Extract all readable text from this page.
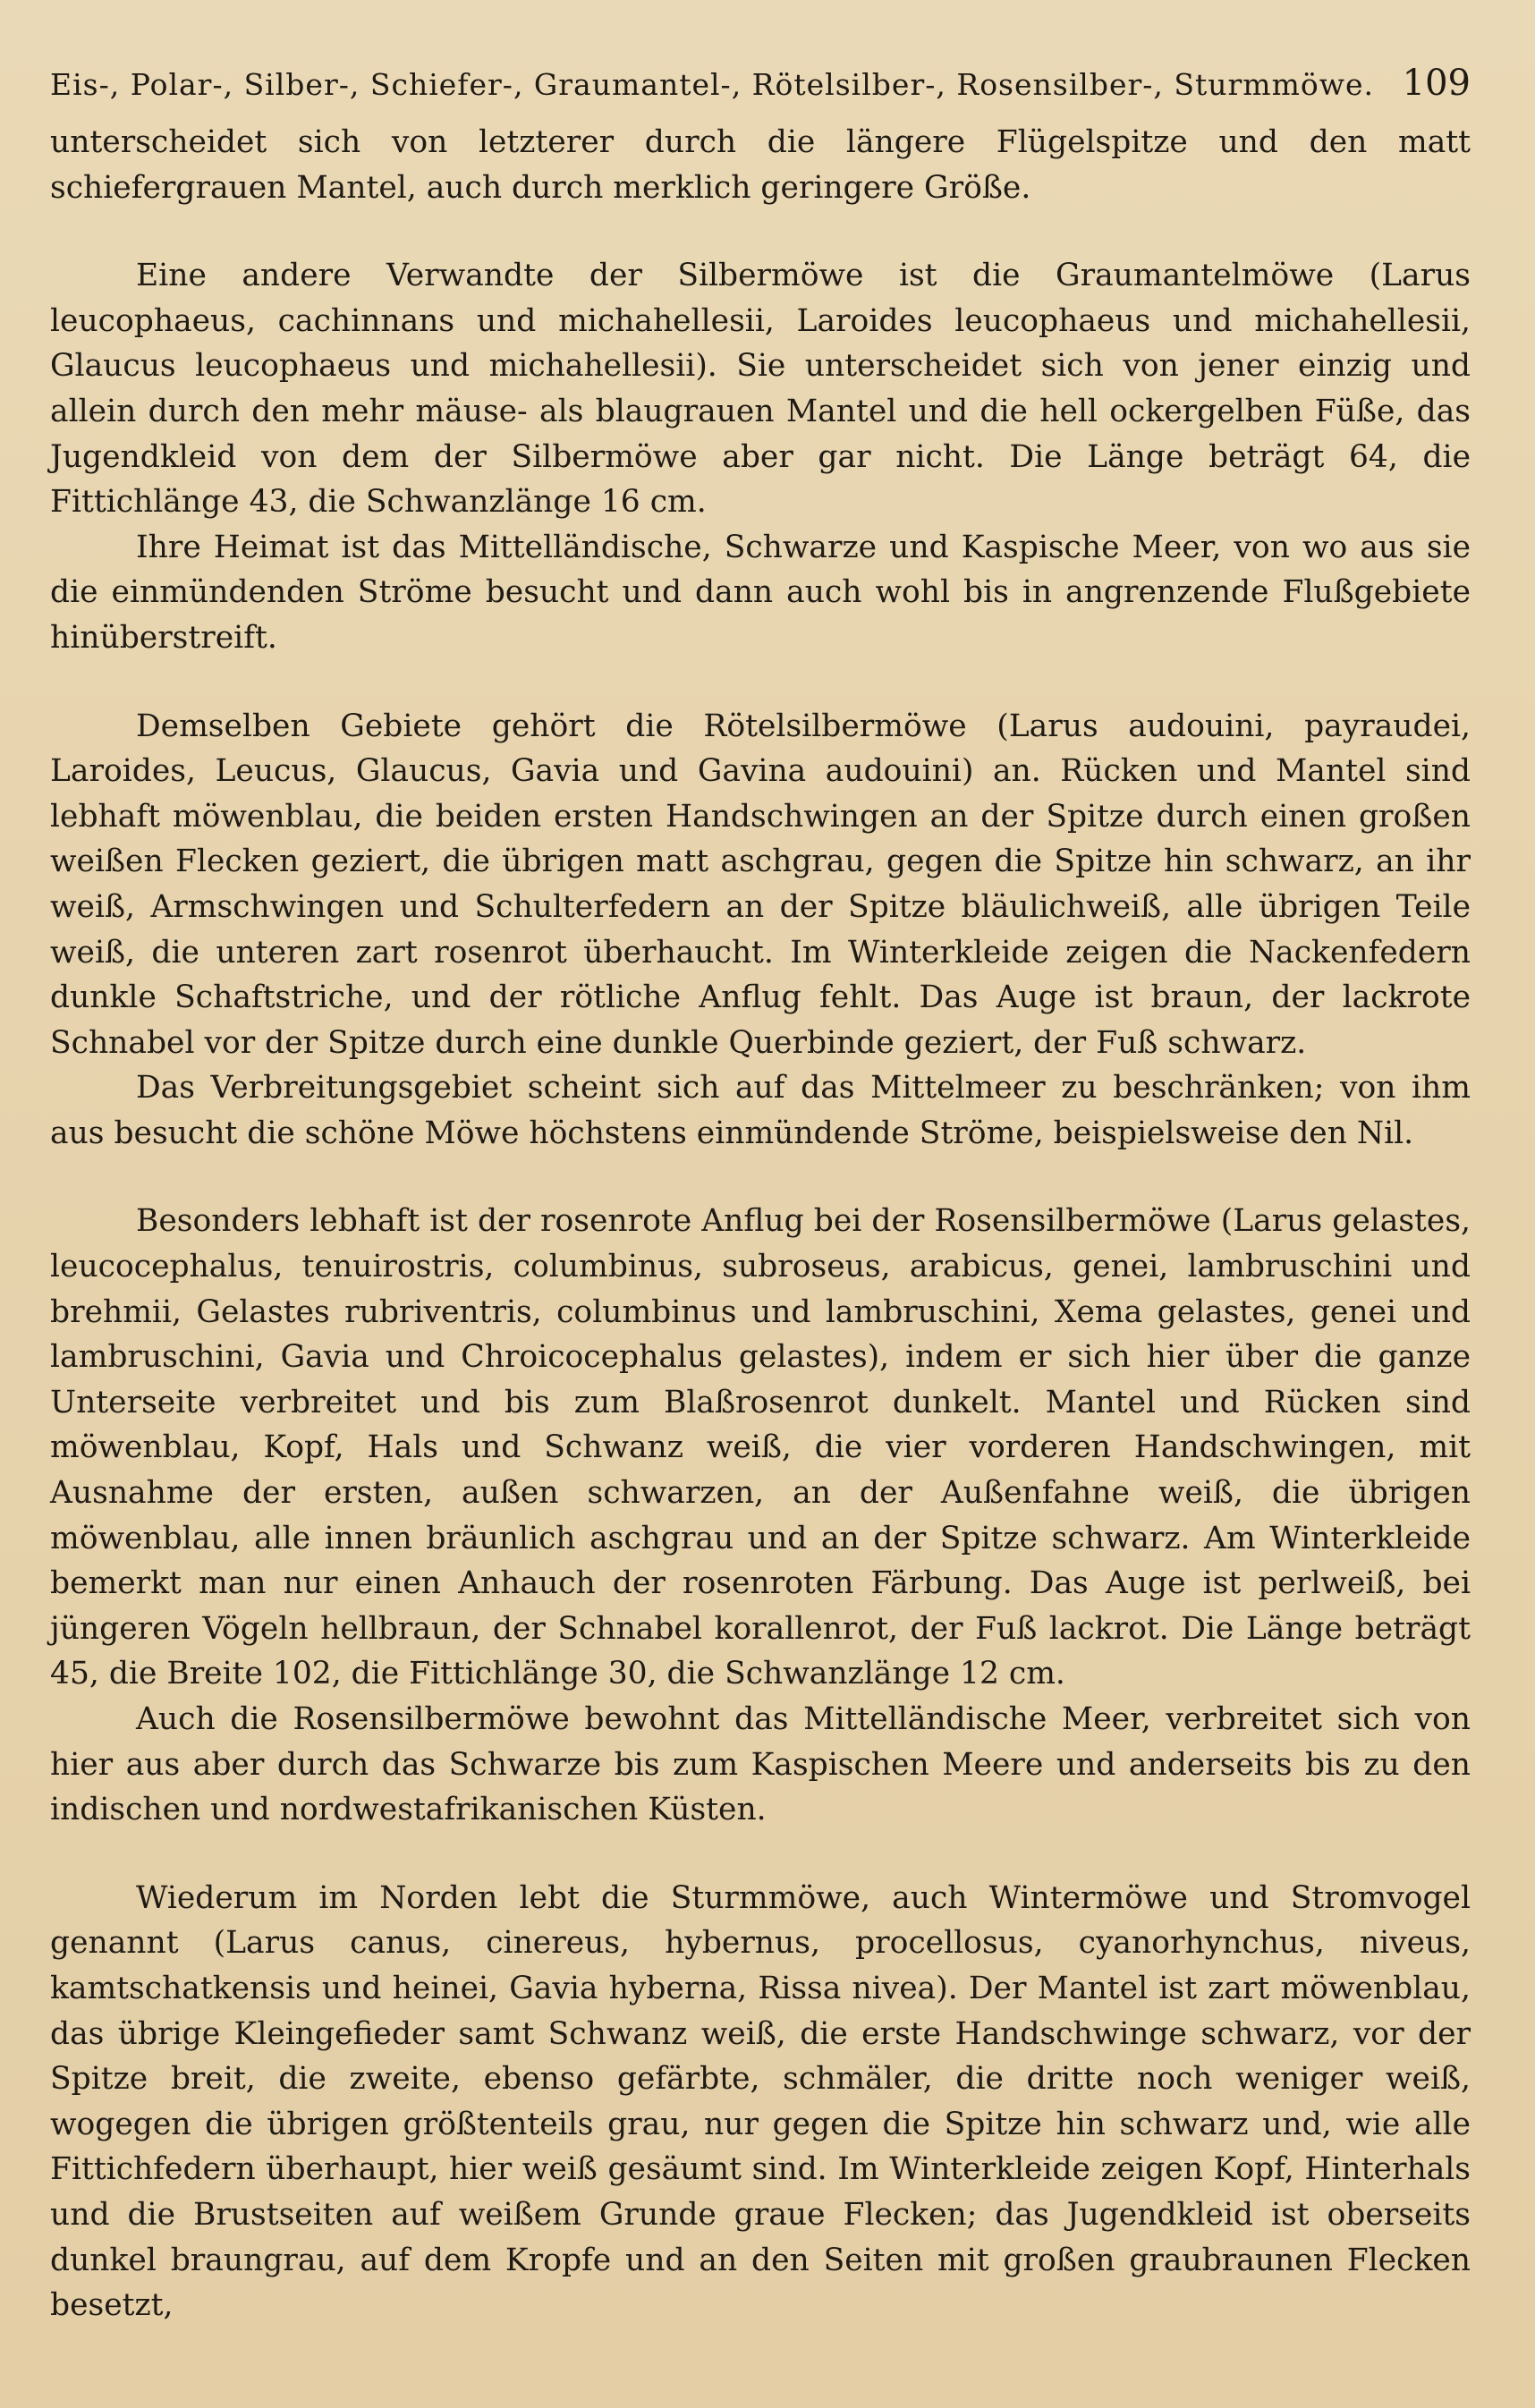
Eis-, Polar-, Silber-, Schiefer-, Graumantel-, Rötelsilber-, Rosensilber-, Sturmmöwe. 109

unterscheidet sich von letzterer durch die längere Flügelspitze und den matt schiefergrauen Mantel, auch durch merklich geringere Größe.

Eine andere Verwandte der Silbermöwe ist die Graumantelmöwe (Larus leucophaeus, cachinnans und michahellesii, Laroides leucophaeus und michahellesii, Glaucus leucophaeus und michahellesii). Sie unterscheidet sich von jener einzig und allein durch den mehr mäuse- als blaugrauen Mantel und die hell ockergelben Füße, das Jugendkleid von dem der Silbermöwe aber gar nicht. Die Länge beträgt 64, die Fittichlänge 43, die Schwanzlänge 16 cm.

Ihre Heimat ist das Mittelländische, Schwarze und Kaspische Meer, von wo aus sie die einmündenden Ströme besucht und dann auch wohl bis in angrenzende Flußgebiete hinüberstreift.

Demselben Gebiete gehört die Rötelsilbermöwe (Larus audouini, payraudei, Laroides, Leucus, Glaucus, Gavia und Gavina audouini) an. Rücken und Mantel sind lebhaft möwenblau, die beiden ersten Handschwingen an der Spitze durch einen großen weißen Flecken geziert, die übrigen matt aschgrau, gegen die Spitze hin schwarz, an ihr weiß, Armschwingen und Schulterfedern an der Spitze bläulichweiß, alle übrigen Teile weiß, die unteren zart rosenrot überhaucht. Im Winterkleide zeigen die Nackenfedern dunkle Schaftstriche, und der rötliche Anflug fehlt. Das Auge ist braun, der lackrote Schnabel vor der Spitze durch eine dunkle Querbinde geziert, der Fuß schwarz.

Das Verbreitungsgebiet scheint sich auf das Mittelmeer zu beschränken; von ihm aus besucht die schöne Möwe höchstens einmündende Ströme, beispielsweise den Nil.

Besonders lebhaft ist der rosenrote Anflug bei der Rosensilbermöwe (Larus gelastes, leucocephalus, tenuirostris, columbinus, subroseus, arabicus, genei, lambruschini und brehmii, Gelastes rubriventris, columbinus und lambruschini, Xema gelastes, genei und lambruschini, Gavia und Chroicocephalus gelastes), indem er sich hier über die ganze Unterseite verbreitet und bis zum Blaßrosenrot dunkelt. Mantel und Rücken sind möwenblau, Kopf, Hals und Schwanz weiß, die vier vorderen Handschwingen, mit Ausnahme der ersten, außen schwarzen, an der Außenfahne weiß, die übrigen möwenblau, alle innen bräunlich aschgrau und an der Spitze schwarz. Am Winterkleide bemerkt man nur einen Anhauch der rosenroten Färbung. Das Auge ist perlweiß, bei jüngeren Vögeln hellbraun, der Schnabel korallenrot, der Fuß lackrot. Die Länge beträgt 45, die Breite 102, die Fittichlänge 30, die Schwanzlänge 12 cm.

Auch die Rosensilbermöwe bewohnt das Mittelländische Meer, verbreitet sich von hier aus aber durch das Schwarze bis zum Kaspischen Meere und anderseits bis zu den indischen und nordwestafrikanischen Küsten.

Wiederum im Norden lebt die Sturmmöwe, auch Wintermöwe und Stromvogel genannt (Larus canus, cinereus, hybernus, procellosus, cyanorhynchus, niveus, kamtschatkensis und heinei, Gavia hyberna, Rissa nivea). Der Mantel ist zart möwenblau, das übrige Kleingefieder samt Schwanz weiß, die erste Handschwinge schwarz, vor der Spitze breit, die zweite, ebenso gefärbte, schmäler, die dritte noch weniger weiß, wogegen die übrigen größtenteils grau, nur gegen die Spitze hin schwarz und, wie alle Fittichfedern überhaupt, hier weiß gesäumt sind. Im Winterkleide zeigen Kopf, Hinterhals und die Brustseiten auf weißem Grunde graue Flecken; das Jugendkleid ist oberseits dunkel braungrau, auf dem Kropfe und an den Seiten mit großen graubraunen Flecken besetzt,
